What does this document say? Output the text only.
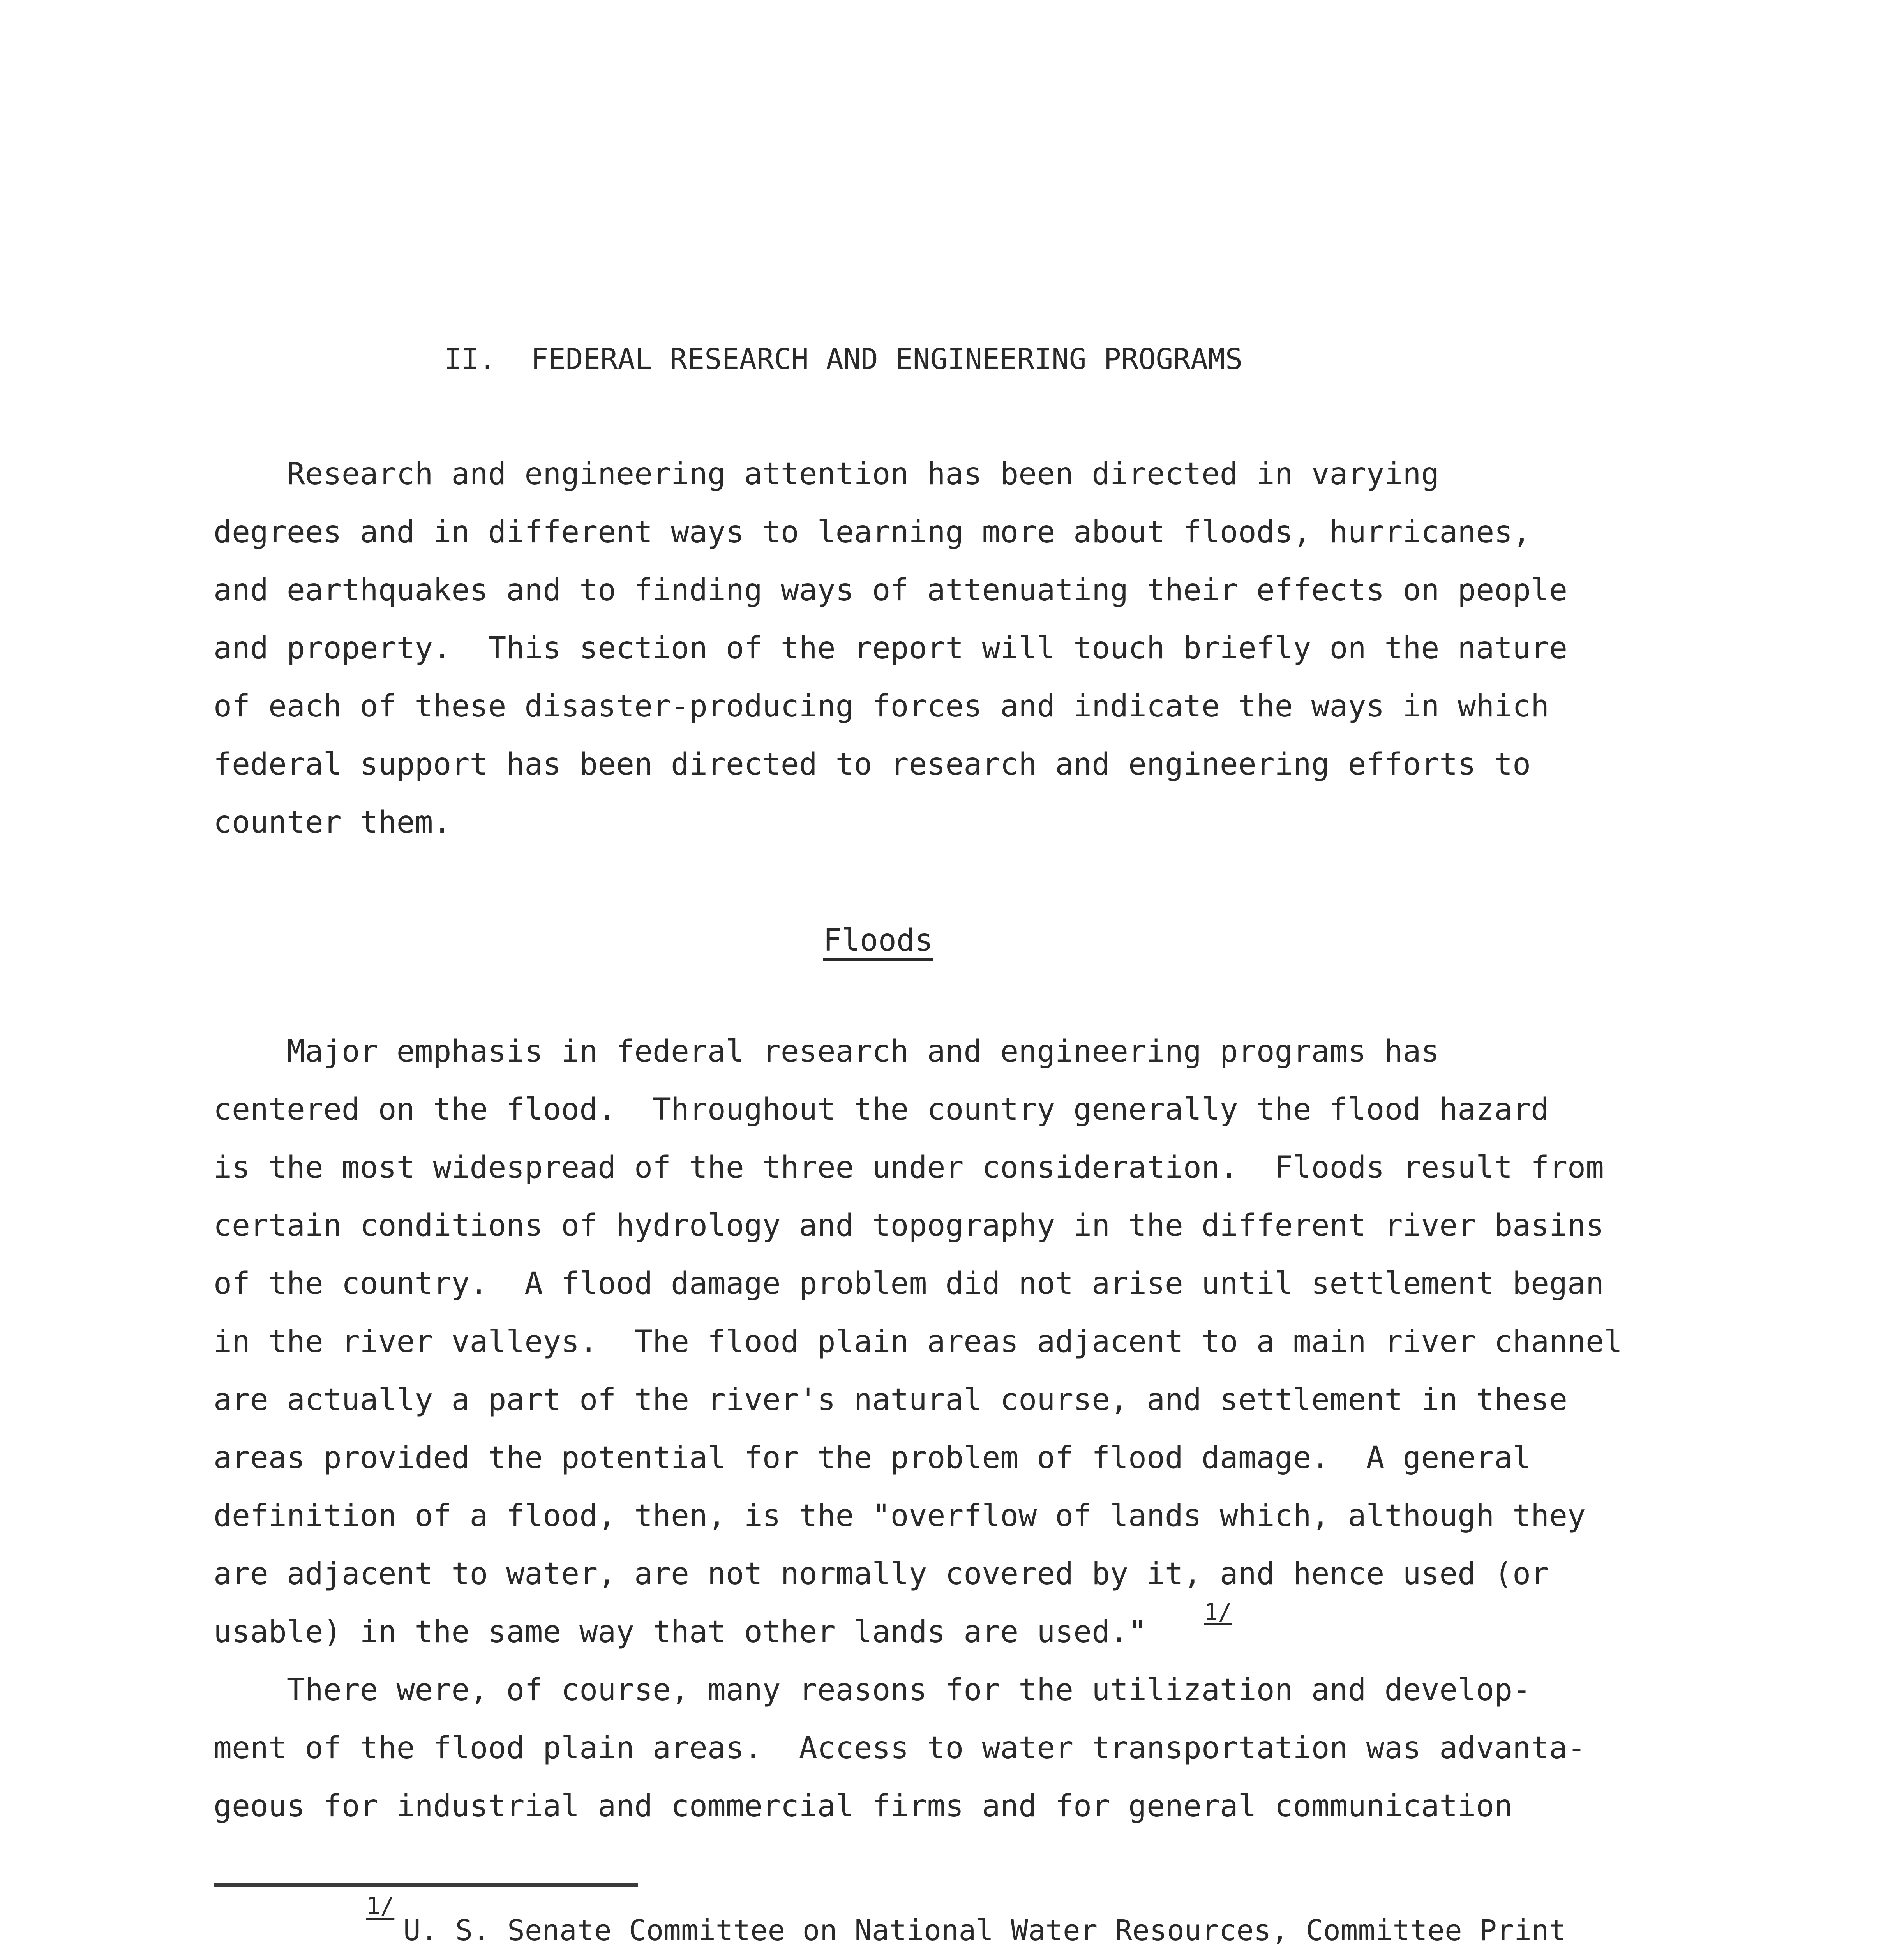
II.  FEDERAL RESEARCH AND ENGINEERING PROGRAMS
Research and engineering attention has been directed in varying
degrees and in different ways to learning more about floods, hurricanes,
and earthquakes and to finding ways of attenuating their effects on people
and property.  This section of the report will touch briefly on the nature
of each of these disaster-producing forces and indicate the ways in which
federal support has been directed to research and engineering efforts to
counter them.
Floods
Major emphasis in federal research and engineering programs has
centered on the flood.  Throughout the country generally the flood hazard
is the most widespread of the three under consideration.  Floods result from
certain conditions of hydrology and topography in the different river basins
of the country.  A flood damage problem did not arise until settlement began
in the river valleys.  The flood plain areas adjacent to a main river channel
are actually a part of the river's natural course, and settlement in these
areas provided the potential for the problem of flood damage.  A general
definition of a flood, then, is the "overflow of lands which, although they
are adjacent to water, are not normally covered by it, and hence used (or
usable) in the same way that other lands are used."
1/
There were, of course, many reasons for the utilization and develop-
ment of the flood plain areas.  Access to water transportation was advanta-
geous for industrial and commercial firms and for general communication
1/
U. S. Senate Committee on National Water Resources, Committee Print
